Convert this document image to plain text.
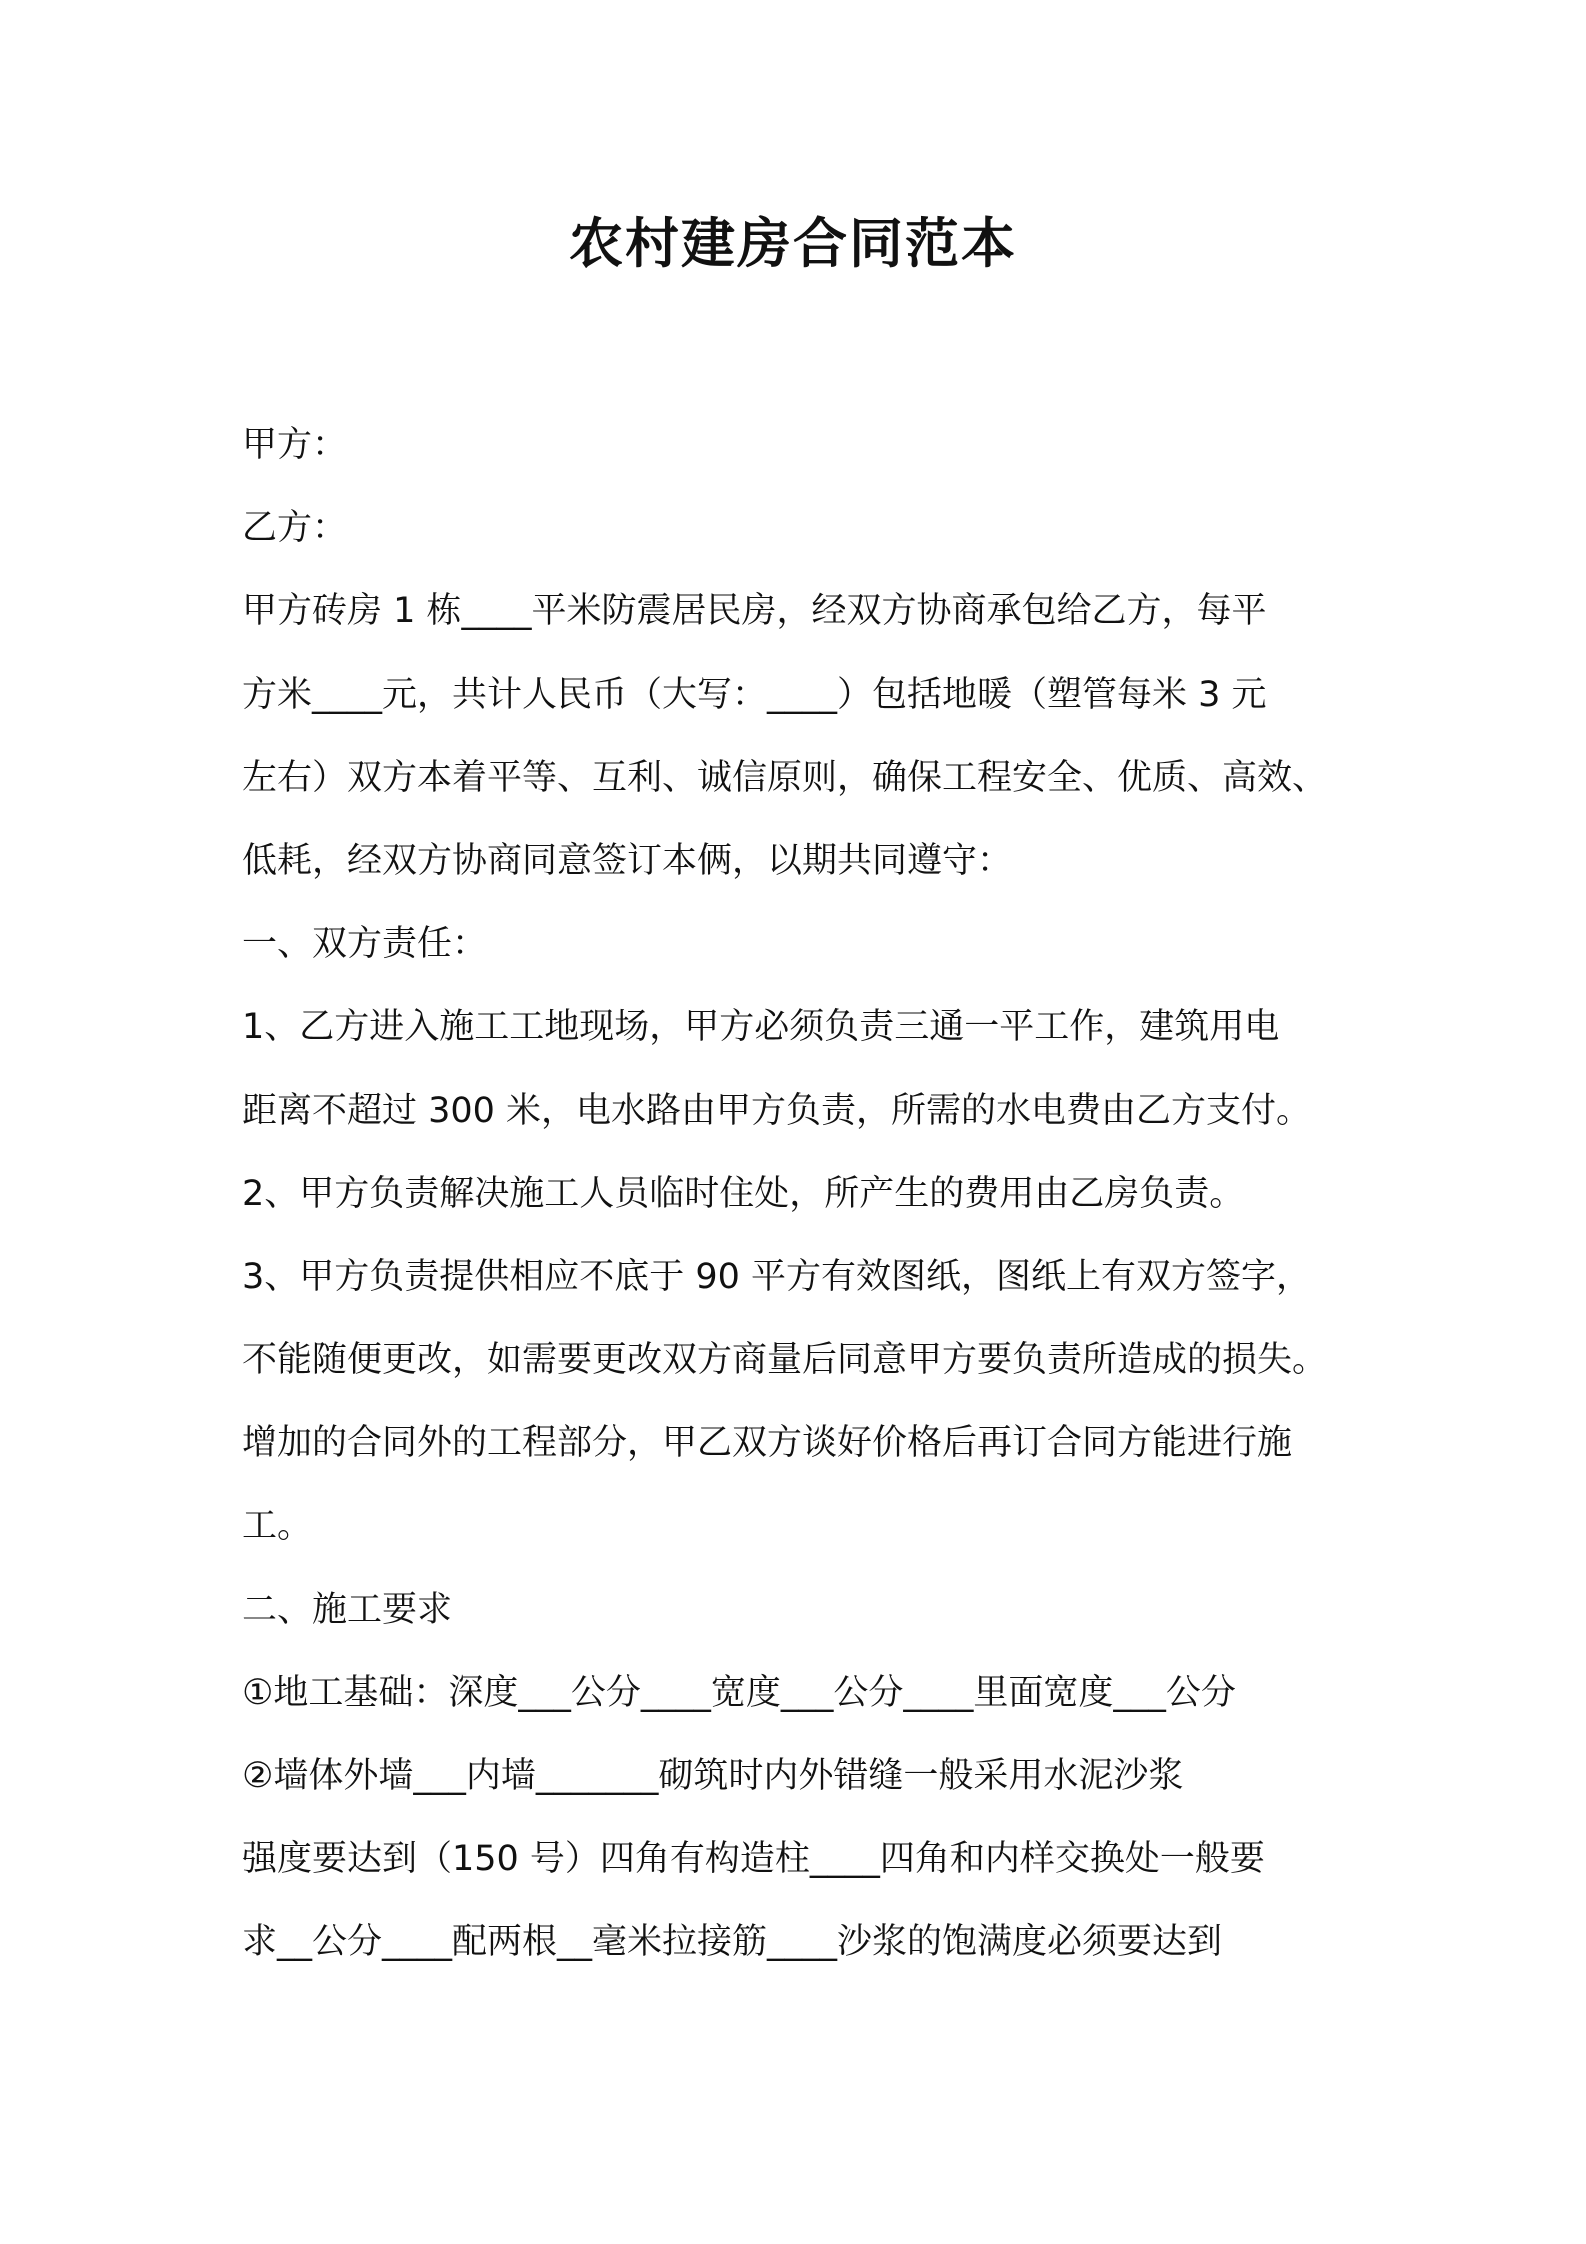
农村建房合同范本

甲方：

乙方：

甲方砖房 1 栋____平米防震居民房，经双方协商承包给乙方，每平

方米____元，共计人民币（大写：____）包括地暖（塑管每米 3 元

左右）双方本着平等、互利、诚信原则，确保工程安全、优质、高效、

低耗，经双方协商同意签订本俩，以期共同遵守：

一、双方责任：

1、乙方进入施工工地现场，甲方必须负责三通一平工作，建筑用电

距离不超过 300 米，电水路由甲方负责，所需的水电费由乙方支付。

2、甲方负责解决施工人员临时住处，所产生的费用由乙房负责。

3、甲方负责提供相应不底于 90 平方有效图纸，图纸上有双方签字，

不能随便更改，如需要更改双方商量后同意甲方要负责所造成的损失。

增加的合同外的工程部分，甲乙双方谈好价格后再订合同方能进行施

工。

二、施工要求

①地工基础：深度___公分____宽度___公分____里面宽度___公分

②墙体外墙___内墙_______砌筑时内外错缝一般采用水泥沙浆

强度要达到（150 号）四角有构造柱____四角和内样交换处一般要

求__公分____配两根__毫米拉接筋____沙浆的饱满度必须要达到
